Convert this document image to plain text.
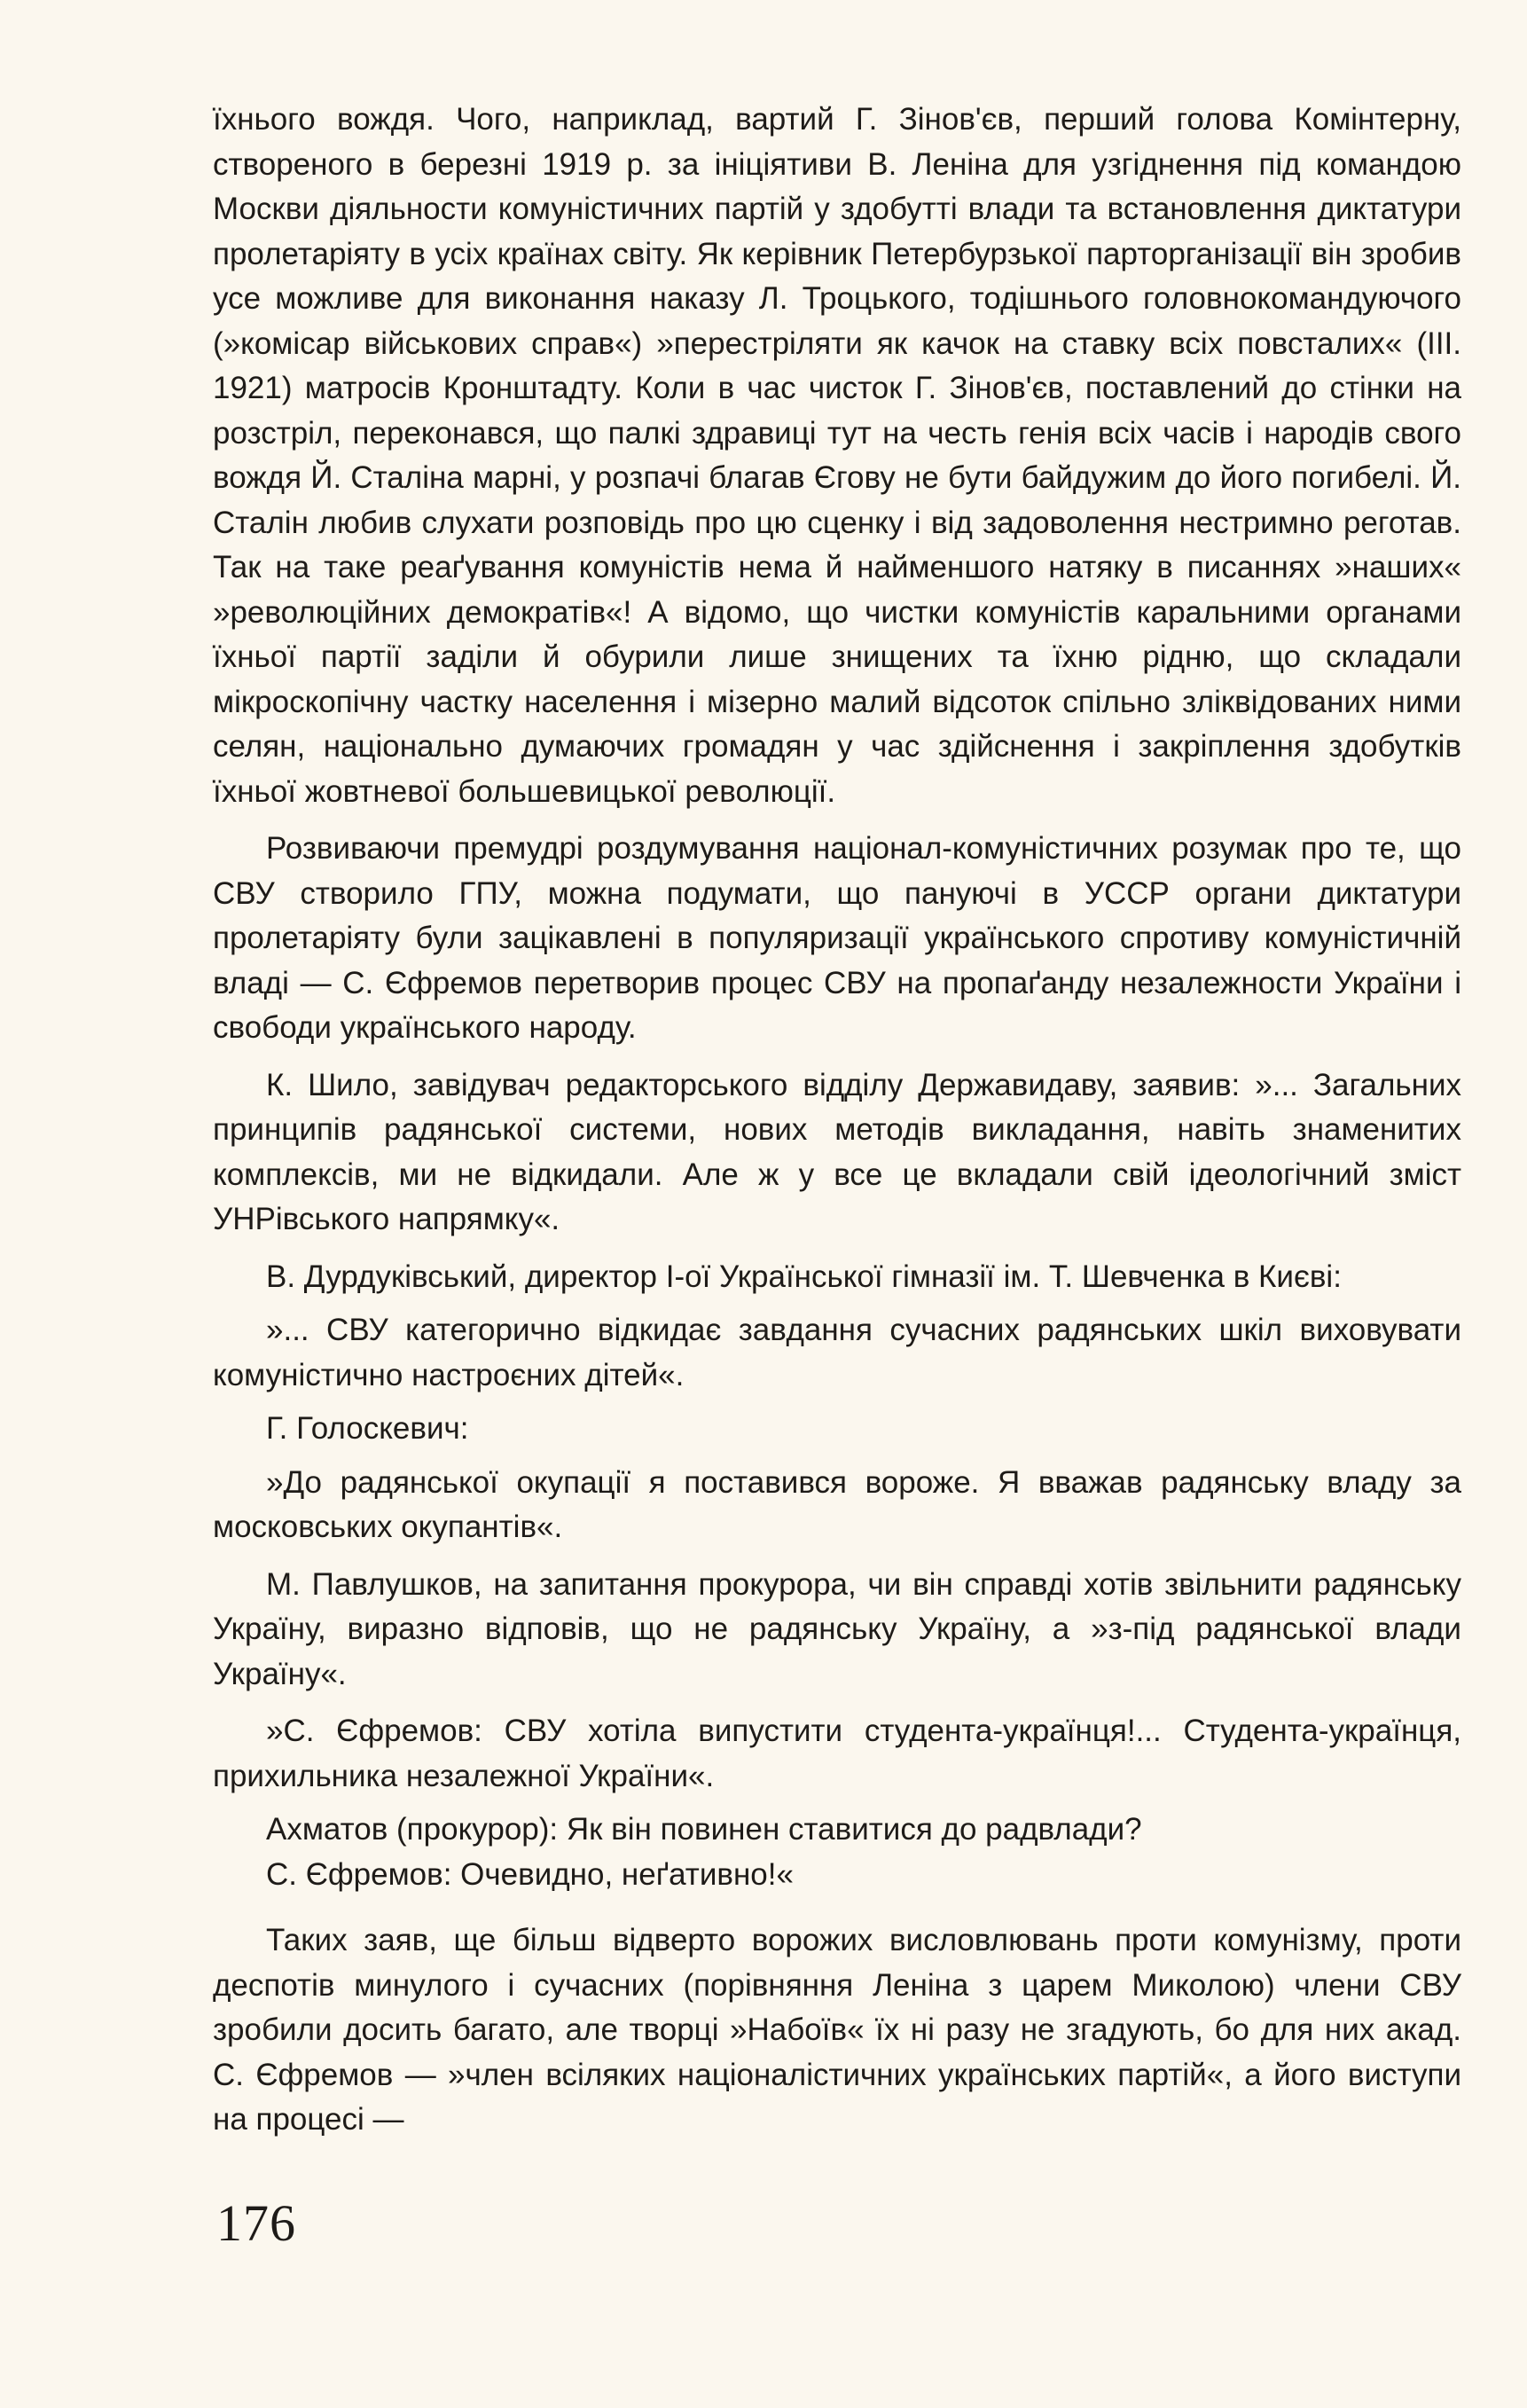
їхнього вождя. Чого, наприклад, вартий Г. Зінов'єв, перший голова Комінтерну, створеного в березні 1919 р. за ініціятиви В. Леніна для узгіднення під командою Москви діяльности комуністичних партій у здобутті влади та встановлення диктатури пролетаріяту в усіх країнах світу. Як керівник Петербурзької парторганізації він зробив усе можливе для виконання наказу Л. Троцького, тодішнього головнокомандуючого (»комісар військових справ«) »перестріляти як качок на ставку всіх повсталих« (III. 1921) матросів Кронштадту. Коли в час чисток Г. Зінов'єв, поставлений до стінки на розстріл, переконався, що палкі здравиці тут на честь генія всіх часів і народів свого вождя Й. Сталіна марні, у розпачі благав Єгову не бути байдужим до його погибелі. Й. Сталін любив слухати розповідь про цю сценку і від задоволення нестримно реготав. Так на таке реаґування комуністів нема й найменшого натяку в писаннях »наших« »революційних демократів«! А відомо, що чистки комуністів каральними органами їхньої партії заділи й обурили лише знищених та їхню рідню, що складали мікроскопічну частку населення і мізерно малий відсоток спільно зліквідованих ними селян, національно думаючих громадян у час здійснення і закріплення здобутків їхньої жовтневої большевицької революції.

Розвиваючи премудрі роздумування націонал-комуністичних розумак про те, що СВУ створило ГПУ, можна подумати, що пануючі в УССР органи диктатури пролетаріяту були зацікавлені в популяризації українського спротиву комуністичній владі — С. Єфремов перетворив процес СВУ на пропаґанду незалежности України і свободи українського народу.

К. Шило, завідувач редакторського відділу Державидаву, заявив: »... Загальних принципів радянської системи, нових методів викладання, навіть знаменитих комплексів, ми не відкидали. Але ж у все це вкладали свій ідеологічний зміст УНРівського напрямку«.

В. Дурдуківський, директор І-ої Української гімназії ім. Т. Шевченка в Києві:

»... СВУ категорично відкидає завдання сучасних радянських шкіл виховувати комуністично настроєних дітей«.

Г. Голоскевич:

»До радянської окупації я поставився вороже. Я вважав радянську владу за московських окупантів«.

М. Павлушков, на запитання прокурора, чи він справді хотів звільнити радянську Україну, виразно відповів, що не радянську Україну, а »з-під радянської влади Україну«.

»С. Єфремов: СВУ хотіла випустити студента-українця!... Студента-українця, прихильника незалежної України«.

Ахматов (прокурор): Як він повинен ставитися до радвлади?

С. Єфремов: Очевидно, неґативно!«

Таких заяв, ще більш відверто ворожих висловлювань проти комунізму, проти деспотів минулого і сучасних (порівняння Леніна з царем Миколою) члени СВУ зробили досить багато, але творці »Набоїв« їх ні разу не згадують, бо для них акад. С. Єфремов — »член всіляких націоналістичних українських партій«, а його виступи на процесі —

176
